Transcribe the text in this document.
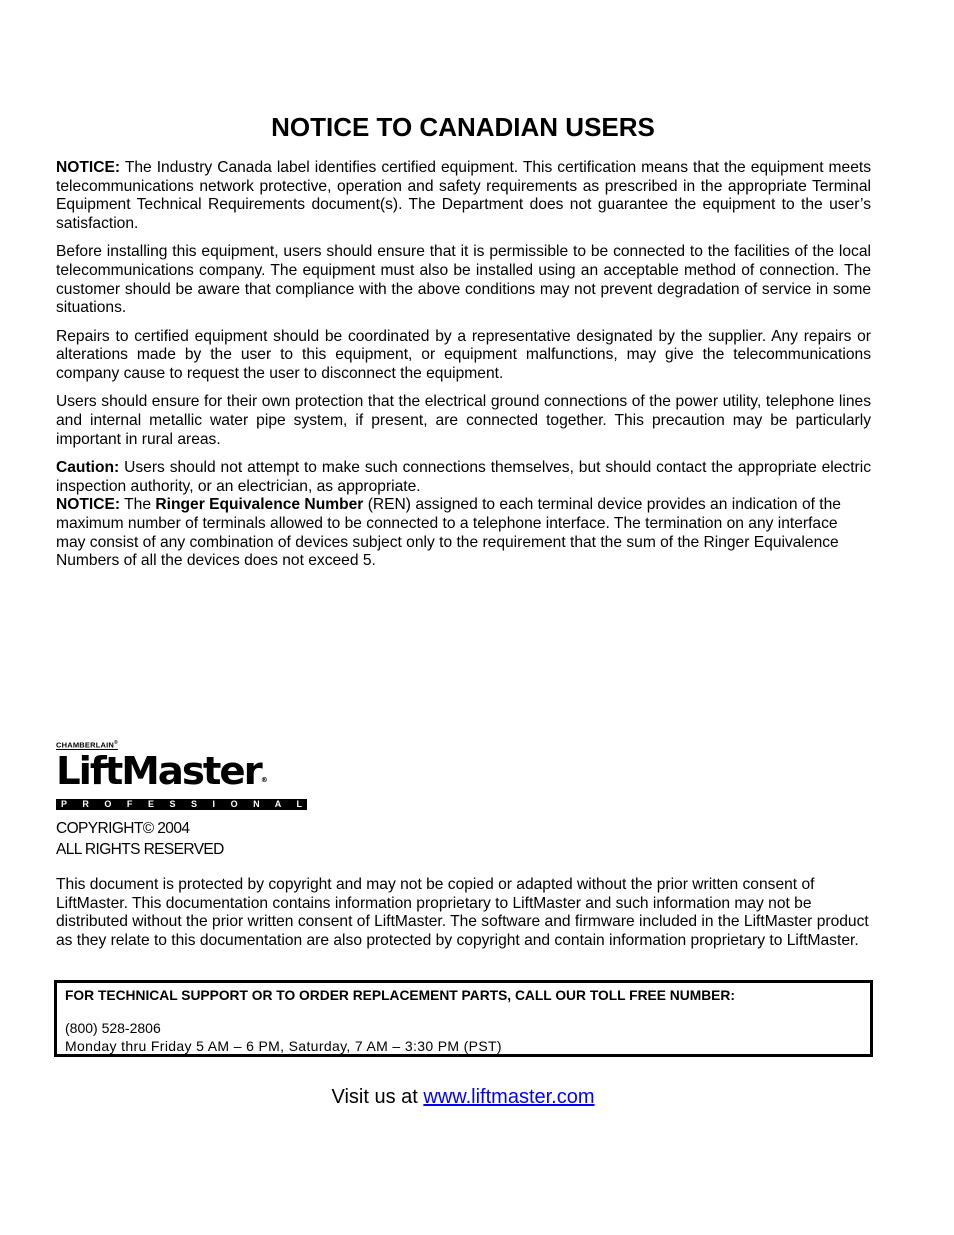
NOTICE TO CANADIAN USERS

NOTICE: The Industry Canada label identifies certified equipment. This certification means that the equipment meets telecommunications network protective, operation and safety requirements as prescribed in the appropriate Terminal Equipment Technical Requirements document(s). The Department does not guarantee the equipment to the user’s satisfaction.

Before installing this equipment, users should ensure that it is permissible to be connected to the facilities of the local telecommunications company. The equipment must also be installed using an acceptable method of connection. The customer should be aware that compliance with the above conditions may not prevent degradation of service in some situations.

Repairs to certified equipment should be coordinated by a representative designated by the supplier. Any repairs or alterations made by the user to this equipment, or equipment malfunctions, may give the telecommunications company cause to request the user to disconnect the equipment.

Users should ensure for their own protection that the electrical ground connections of the power utility, telephone lines and internal metallic water pipe system, if present, are connected together. This precaution may be particularly important in rural areas.

Caution: Users should not attempt to make such connections themselves, but should contact the appropriate electric inspection authority, or an electrician, as appropriate.

NOTICE: The Ringer Equivalence Number (REN) assigned to each terminal device provides an indication of the maximum number of terminals allowed to be connected to a telephone interface. The termination on any interface may consist of any combination of devices subject only to the requirement that the sum of the Ringer Equivalence Numbers of all the devices does not exceed 5.

CHAMBERLAIN®
LiftMaster®
P R O F E S S I O N A L
COPYRIGHT© 2004
ALL RIGHTS RESERVED
This document is protected by copyright and may not be copied or adapted without the prior written consent of LiftMaster. This documentation contains information proprietary to LiftMaster and such information may not be distributed without the prior written consent of LiftMaster. The software and firmware included in the LiftMaster product as they relate to this documentation are also protected by copyright and contain information proprietary to LiftMaster.
FOR TECHNICAL SUPPORT OR TO ORDER REPLACEMENT PARTS, CALL OUR TOLL FREE NUMBER:
(800) 528-2806
Monday thru Friday 5 AM – 6 PM, Saturday, 7 AM – 3:30 PM (PST)
Visit us at www.liftmaster.com
